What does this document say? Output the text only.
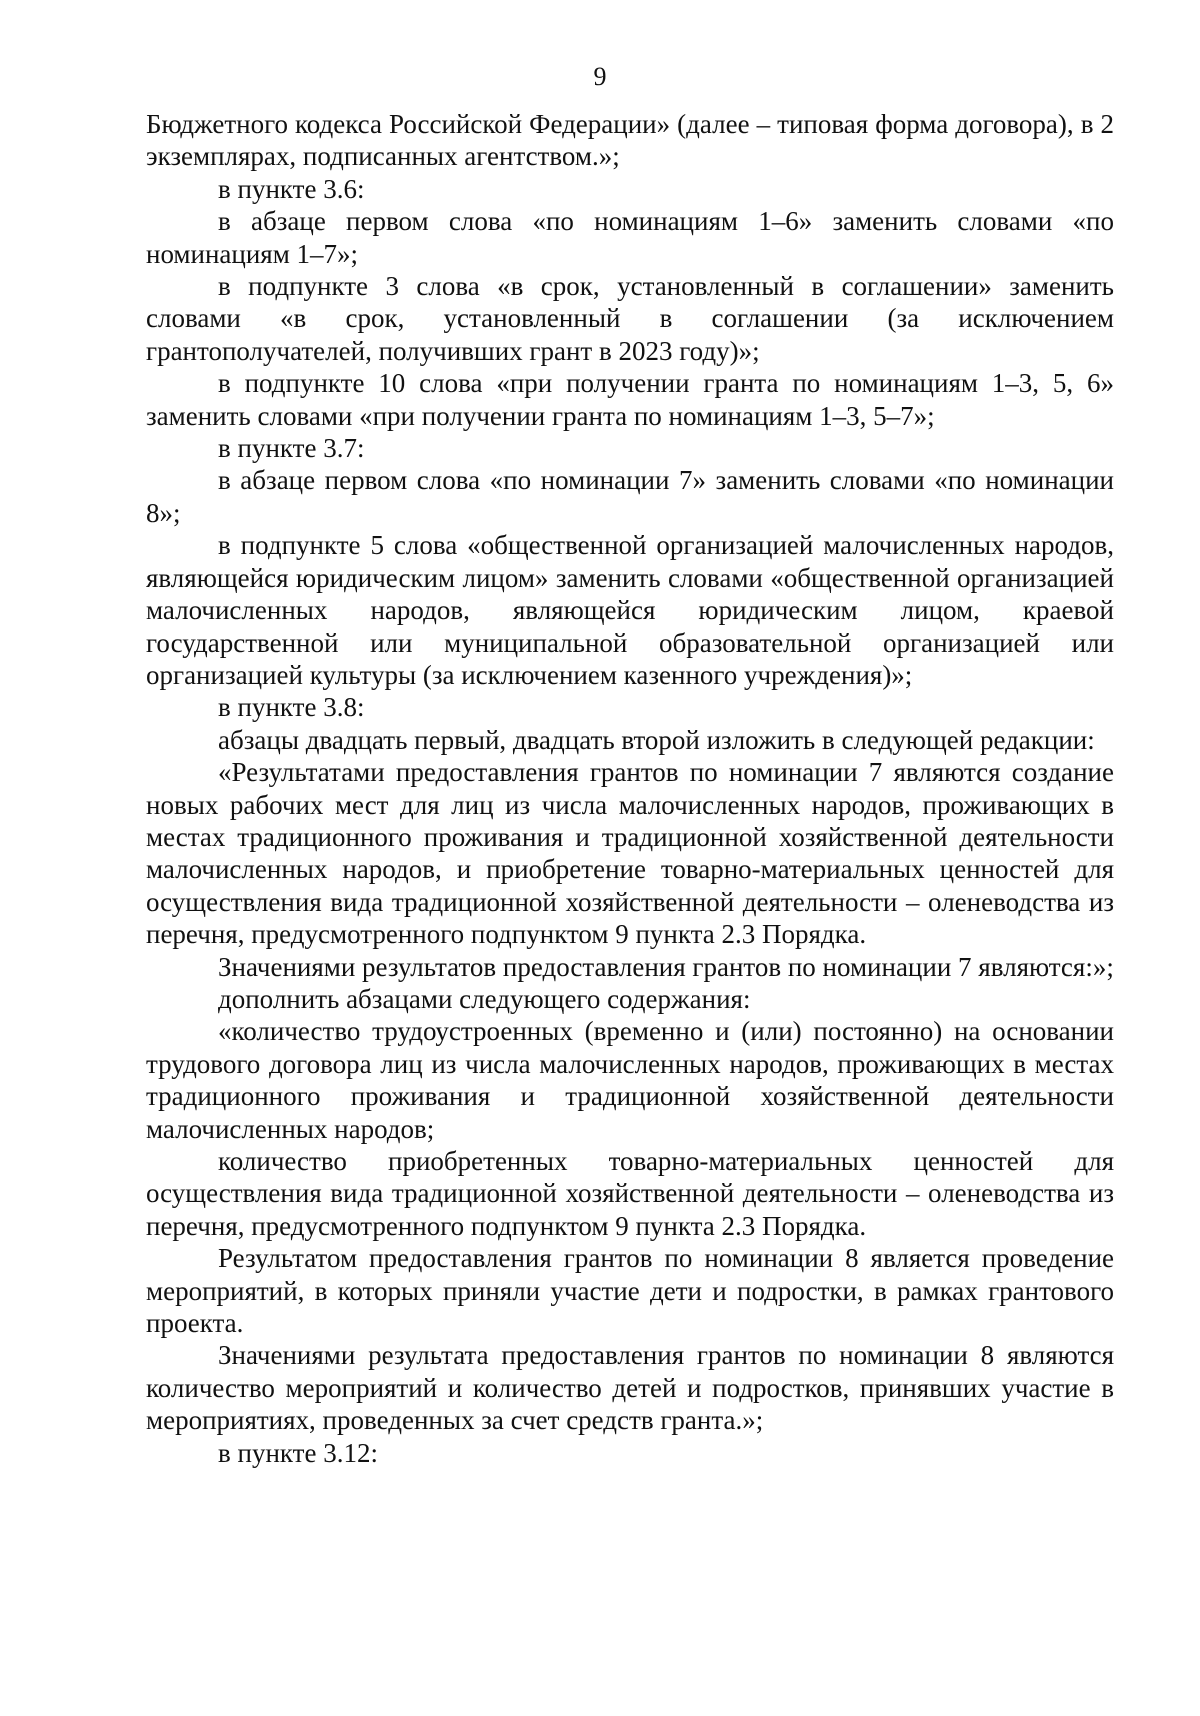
9

Бюджетного кодекса Российской Федерации» (далее – типовая форма договора), в 2 экземплярах, подписанных агентством.»;

в пункте 3.6:

в абзаце первом слова «по номинациям 1–6» заменить словами «по номинациям 1–7»;

в подпункте 3 слова «в срок, установленный в соглашении» заменить словами «в срок, установленный в соглашении (за исключением грантополучателей, получивших грант в 2023 году)»;

в подпункте 10 слова «при получении гранта по номинациям 1–3, 5, 6» заменить словами «при получении гранта по номинациям 1–3, 5–7»;

в пункте 3.7:

в абзаце первом слова «по номинации 7» заменить словами «по номинации 8»;

в подпункте 5 слова «общественной организацией малочисленных народов, являющейся юридическим лицом» заменить словами «общественной организацией малочисленных народов, являющейся юридическим лицом, краевой государственной или муниципальной образовательной организацией или организацией культуры (за исключением казенного учреждения)»;

в пункте 3.8:

абзацы двадцать первый, двадцать второй изложить в следующей редакции:

«Результатами предоставления грантов по номинации 7 являются создание новых рабочих мест для лиц из числа малочисленных народов, проживающих в местах традиционного проживания и традиционной хозяйственной деятельности малочисленных народов, и приобретение товарно-материальных ценностей для осуществления вида традиционной хозяйственной деятельности – оленеводства из перечня, предусмотренного подпунктом 9 пункта 2.3 Порядка.

Значениями результатов предоставления грантов по номинации 7 являются:»;

дополнить абзацами следующего содержания:

«количество трудоустроенных (временно и (или) постоянно) на основании трудового договора лиц из числа малочисленных народов, проживающих в местах традиционного проживания и традиционной хозяйственной деятельности малочисленных народов;

количество приобретенных товарно-материальных ценностей для осуществления вида традиционной хозяйственной деятельности – оленеводства из перечня, предусмотренного подпунктом 9 пункта 2.3 Порядка.

Результатом предоставления грантов по номинации 8 является проведение мероприятий, в которых приняли участие дети и подростки, в рамках грантового проекта.

Значениями результата предоставления грантов по номинации 8 являются количество мероприятий и количество детей и подростков, принявших участие в мероприятиях, проведенных за счет средств гранта.»;

в пункте 3.12:
